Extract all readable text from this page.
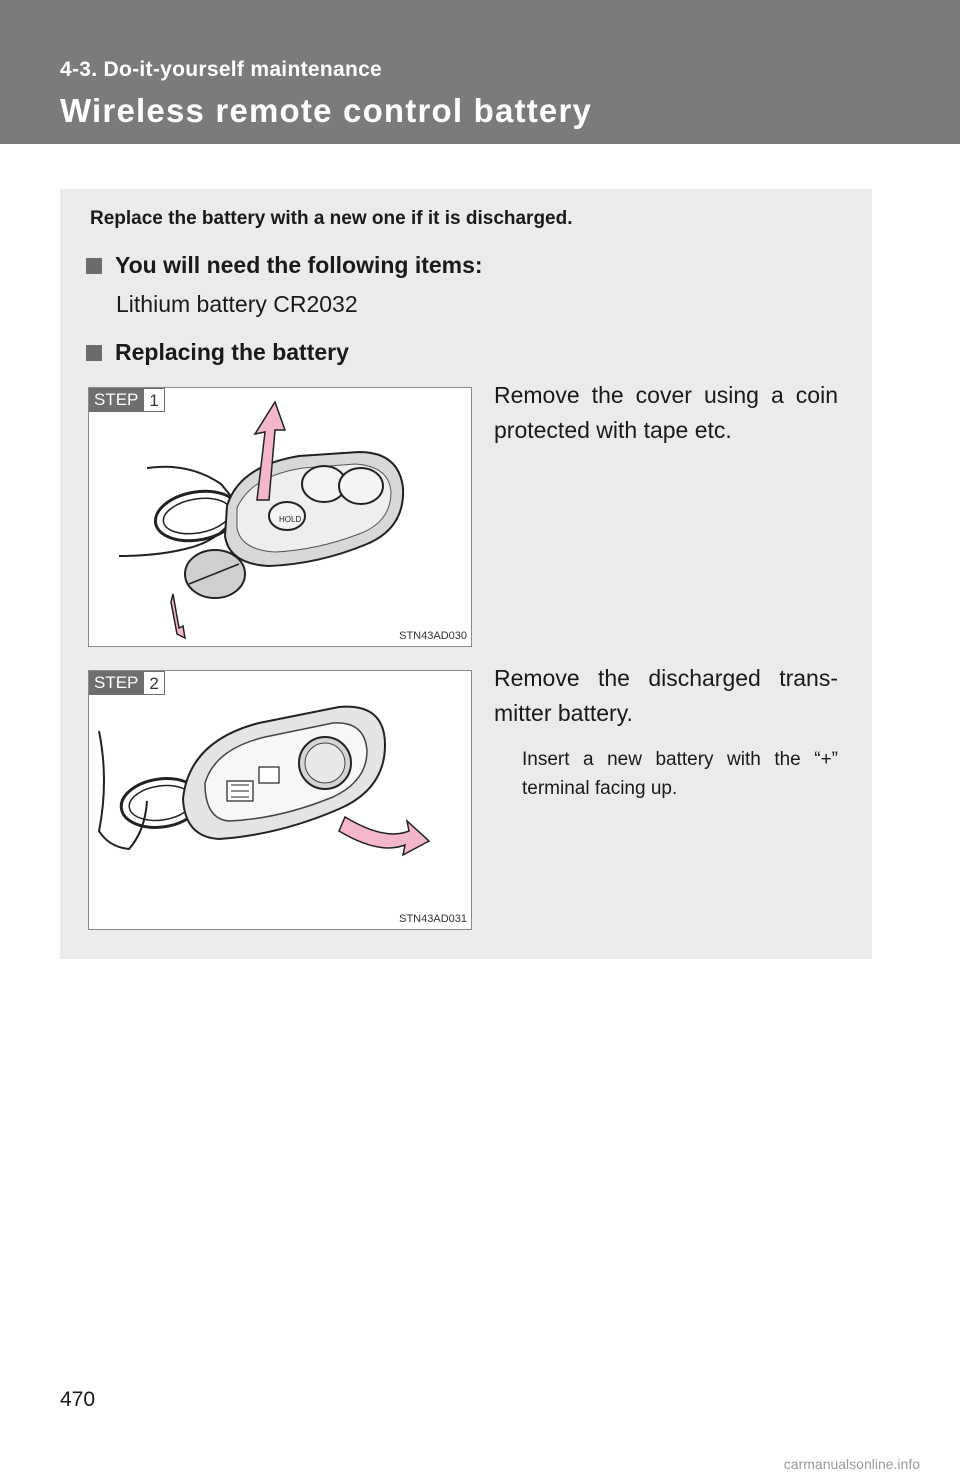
4-3. Do-it-yourself maintenance
Wireless remote control battery
Replace the battery with a new one if it is discharged.
You will need the following items:
Lithium battery CR2032
Replacing the battery
HOLD
STEP 1
STN43AD030
Remove the cover using a coin protected with tape etc.
STEP 2
STN43AD031
Remove the discharged trans-mitter battery.
Insert a new battery with the “+” terminal facing up.
470
carmanualsonline.info
